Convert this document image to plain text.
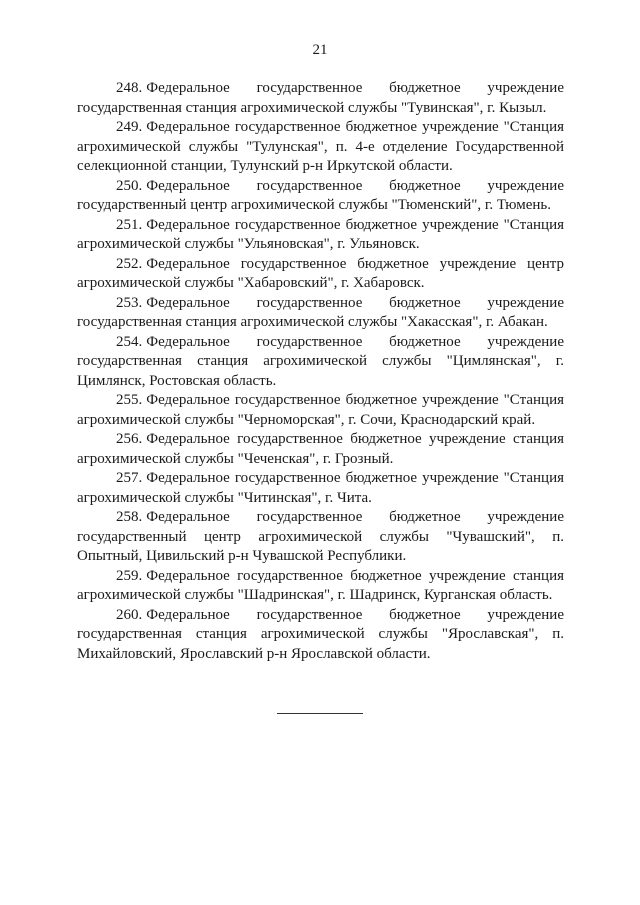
21

248. Федеральное государственное бюджетное учреждение государственная станция агрохимической службы "Тувинская", г. Кызыл.

249. Федеральное государственное бюджетное учреждение "Станция агрохимической службы "Тулунская", п. 4-е отделение Государственной селекционной станции, Тулунский р-н Иркутской области.

250. Федеральное государственное бюджетное учреждение государственный центр агрохимической службы "Тюменский", г. Тюмень.

251. Федеральное государственное бюджетное учреждение "Станция агрохимической службы "Ульяновская", г. Ульяновск.

252. Федеральное государственное бюджетное учреждение центр агрохимической службы "Хабаровский", г. Хабаровск.

253. Федеральное государственное бюджетное учреждение государственная станция агрохимической службы "Хакасская", г. Абакан.

254. Федеральное государственное бюджетное учреждение государственная станция агрохимической службы "Цимлянская", г. Цимлянск, Ростовская область.

255. Федеральное государственное бюджетное учреждение "Станция агрохимической службы "Черноморская", г. Сочи, Краснодарский край.

256. Федеральное государственное бюджетное учреждение станция агрохимической службы "Чеченская", г. Грозный.

257. Федеральное государственное бюджетное учреждение "Станция агрохимической службы "Читинская", г. Чита.

258. Федеральное государственное бюджетное учреждение государственный центр агрохимической службы "Чувашский", п. Опытный, Цивильский р-н Чувашской Республики.

259. Федеральное государственное бюджетное учреждение станция агрохимической службы "Шадринская", г. Шадринск, Курганская область.

260. Федеральное государственное бюджетное учреждение государственная станция агрохимической службы "Ярославская", п. Михайловский, Ярославский р-н Ярославской области.
